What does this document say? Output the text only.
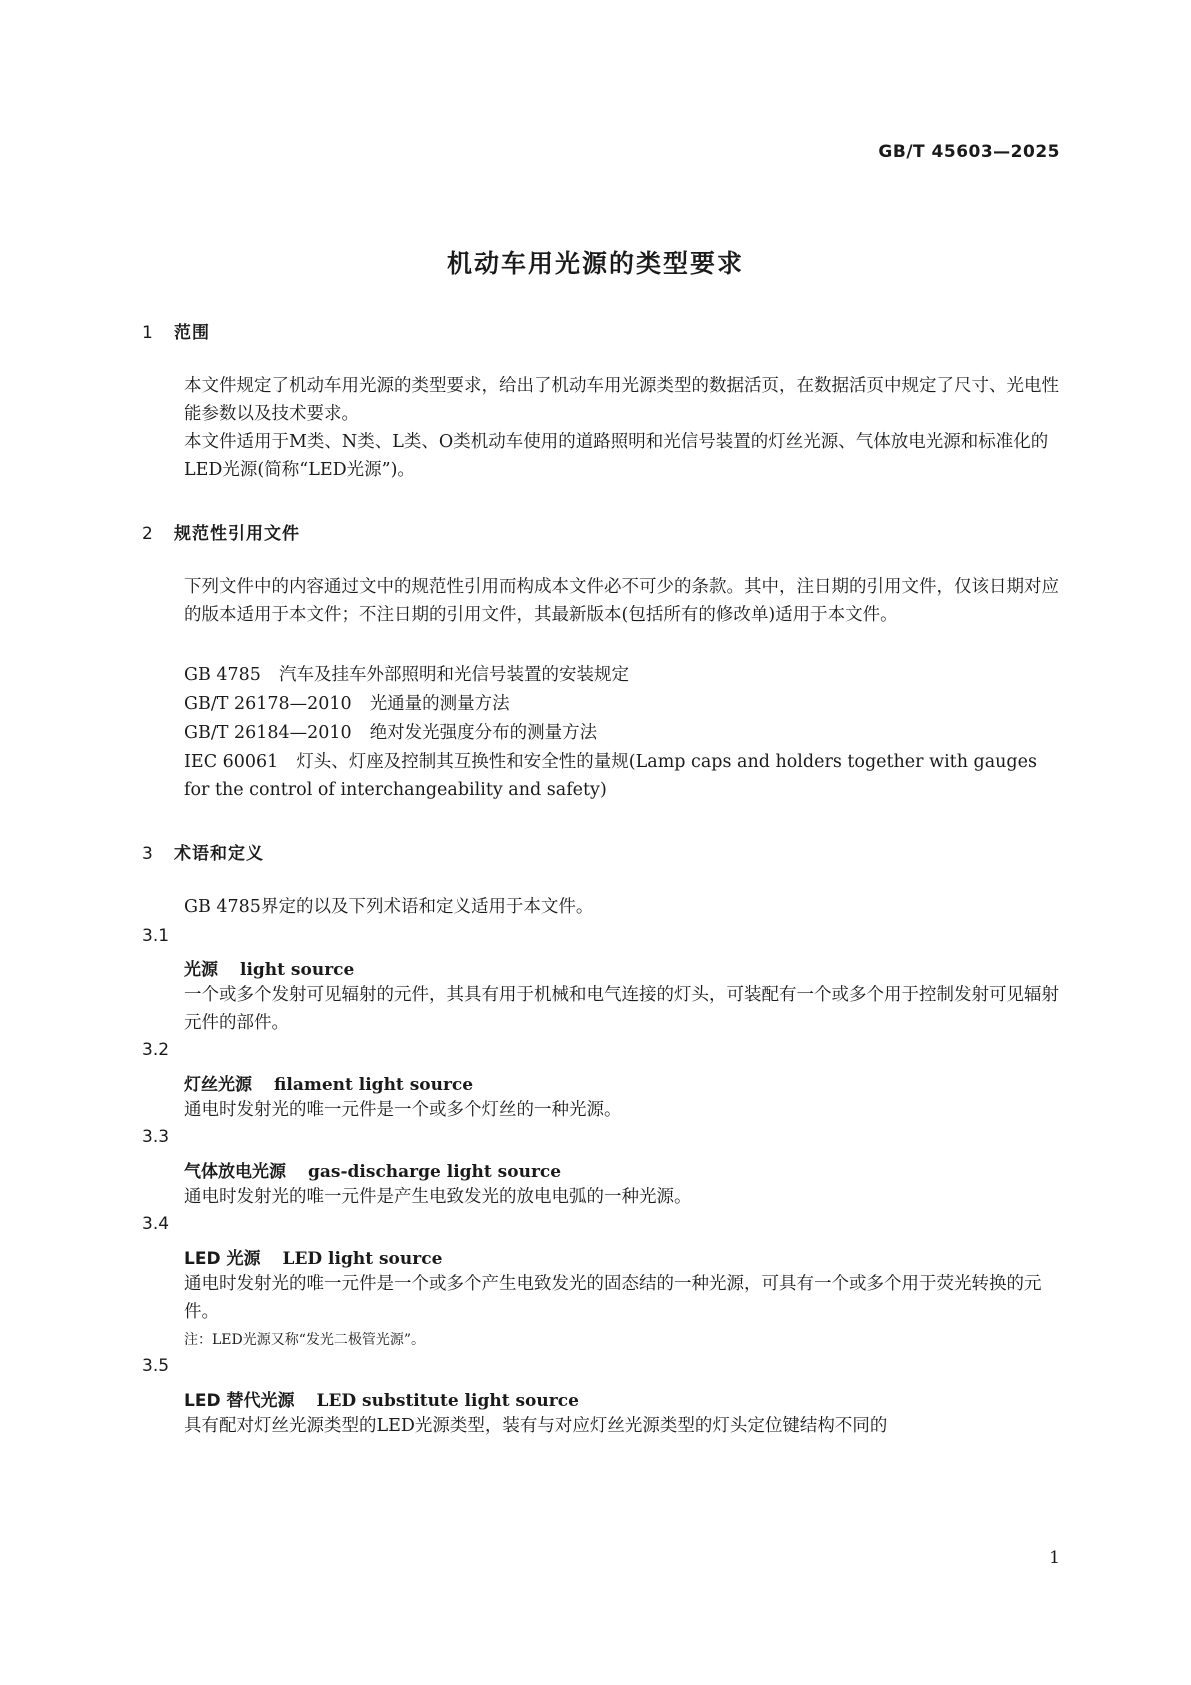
GB/T 45603—2025
机动车用光源的类型要求
1 范围
本文件规定了机动车用光源的类型要求，给出了机动车用光源类型的数据活页，在数据活页中规定了尺寸、光电性能参数以及技术要求。
本文件适用于M类、N类、L类、O类机动车使用的道路照明和光信号装置的灯丝光源、气体放电光源和标准化的LED光源(简称“LED光源”)。
2 规范性引用文件
下列文件中的内容通过文中的规范性引用而构成本文件必不可少的条款。其中，注日期的引用文件，仅该日期对应的版本适用于本文件；不注日期的引用文件，其最新版本(包括所有的修改单)适用于本文件。
GB 4785 汽车及挂车外部照明和光信号装置的安装规定
GB/T 26178—2010 光通量的测量方法
GB/T 26184—2010 绝对发光强度分布的测量方法
IEC 60061 灯头、灯座及控制其互换性和安全性的量规(Lamp caps and holders together with gauges for the control of interchangeability and safety)
3 术语和定义
GB 4785界定的以及下列术语和定义适用于本文件。
3.1
光源 light source
一个或多个发射可见辐射的元件，其具有用于机械和电气连接的灯头，可装配有一个或多个用于控制发射可见辐射元件的部件。
3.2
灯丝光源 filament light source
通电时发射光的唯一元件是一个或多个灯丝的一种光源。
3.3
气体放电光源 gas-discharge light source
通电时发射光的唯一元件是产生电致发光的放电电弧的一种光源。
3.4
LED 光源 LED light source
通电时发射光的唯一元件是一个或多个产生电致发光的固态结的一种光源，可具有一个或多个用于荧光转换的元件。
注：LED光源又称“发光二极管光源”。
3.5
LED 替代光源 LED substitute light source
具有配对灯丝光源类型的LED光源类型，装有与对应灯丝光源类型的灯头定位键结构不同的
1
